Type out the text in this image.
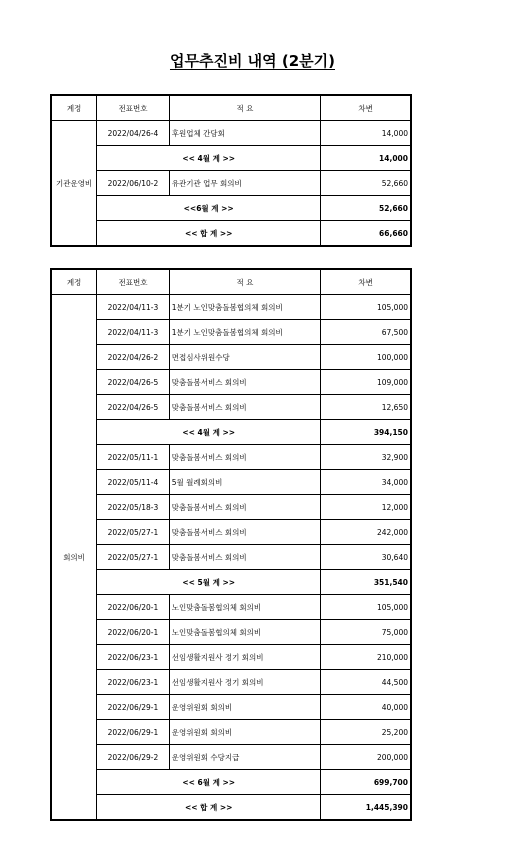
업무추진비 내역 (2분기)
계정	전표번호	적 요	차변
기관운영비	2022/04/26-4	후원업체 간담회	14,000
	<< 4월 계 >>		14,000
	2022/06/10-2	유관기관 업무 회의비	52,660
	<<6월 계 >>		52,660
	<< 합 계 >>		66,660
계정	전표번호	적 요	차변
회의비	2022/04/11-3	1분기 노인맞춤돌봄협의체 회의비	105,000
	2022/04/11-3	1분기 노인맞춤돌봄협의체 회의비	67,500
	2022/04/26-2	면접심사위원수당	100,000
	2022/04/26-5	맞춤돌봄서비스 회의비	109,000
	2022/04/26-5	맞춤돌봄서비스 회의비	12,650
	<< 4월 계 >>		394,150
	2022/05/11-1	맞춤돌봄서비스 회의비	32,900
	2022/05/11-4	5월 월례회의비	34,000
	2022/05/18-3	맞춤돌봄서비스 회의비	12,000
	2022/05/27-1	맞춤돌봄서비스 회의비	242,000
	2022/05/27-1	맞춤돌봄서비스 회의비	30,640
	<< 5월 계 >>		351,540
	2022/06/20-1	노인맞춤돌봄협의체 회의비	105,000
	2022/06/20-1	노인맞춤돌봄협의체 회의비	75,000
	2022/06/23-1	선임생활지원사 정기 회의비	210,000
	2022/06/23-1	선임생활지원사 정기 회의비	44,500
	2022/06/29-1	운영위원회 회의비	40,000
	2022/06/29-1	운영위원회 회의비	25,200
	2022/06/29-2	운영위원회 수당지급	200,000
	<< 6월 계 >>		699,700
	<< 합 계 >>		1,445,390
